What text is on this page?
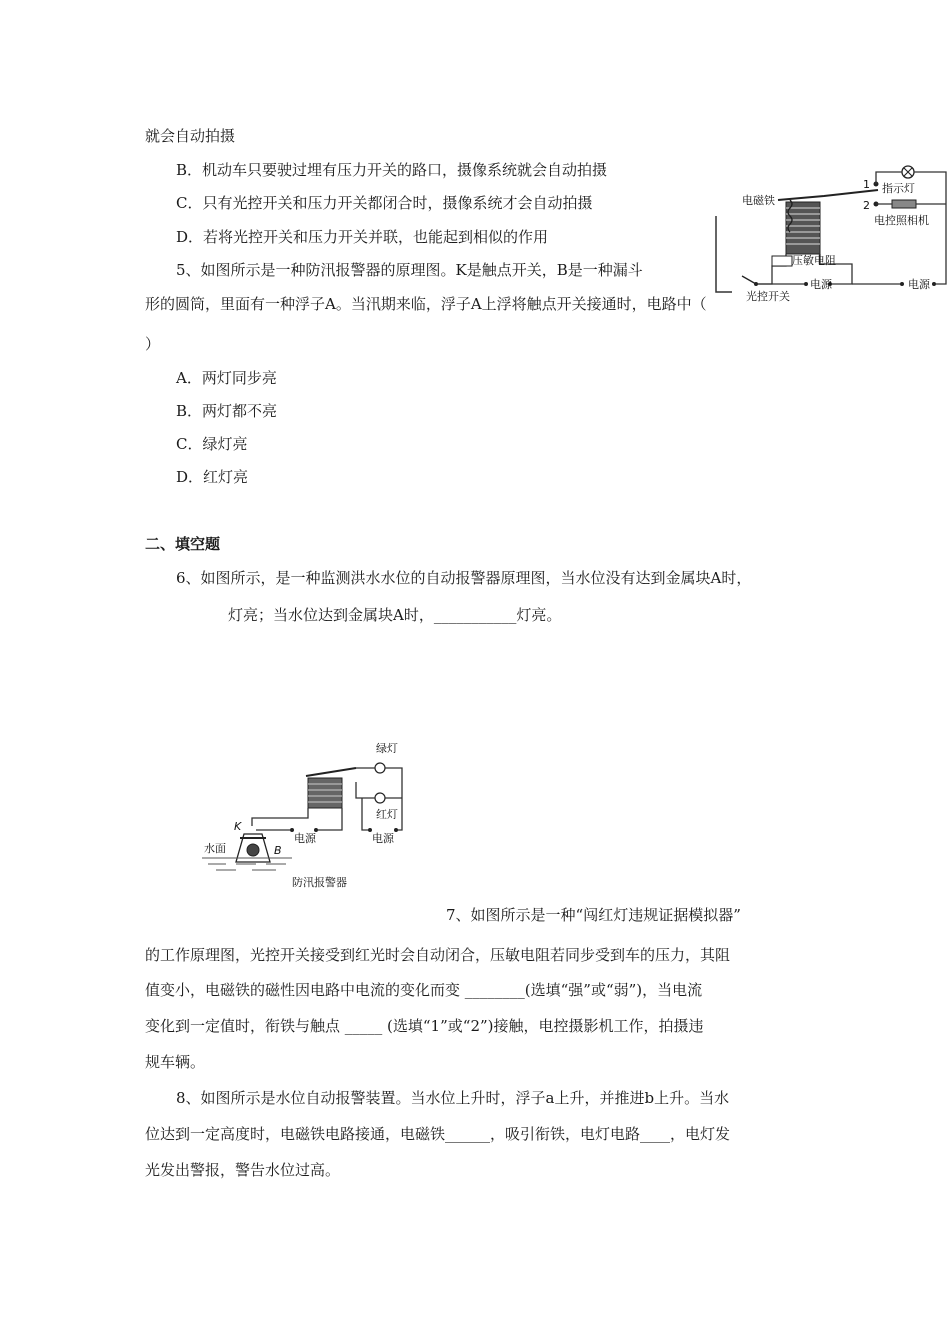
就会自动拍摄
B．机动车只要驶过埋有压力开关的路口，摄像系统就会自动拍摄
C．只有光控开关和压力开关都闭合时，摄像系统才会自动拍摄
D．若将光控开关和压力开关并联，也能起到相似的作用
5、如图所示是一种防汛报警器的原理图。K是触点开关，B是一种漏斗
形的圆筒，里面有一种浮子A。当汛期来临，浮子A上浮将触点开关接通时，电路中（
）
A．两灯同步亮
B．两灯都不亮
C．绿灯亮
D．红灯亮
二、填空题
6、如图所示，是一种监测洪水水位的自动报警器原理图，当水位没有达到金属块A时，
灯亮；当水位达到金属块A时，___________灯亮。
7、如图所示是一种“闯红灯违规证据模拟器”
的工作原理图，光控开关接受到红光时会自动闭合，压敏电阻若同步受到车的压力，其阻
值变小，电磁铁的磁性因电路中电流的变化而变 ________(选填“强”或“弱”)，当电流
变化到一定值时，衔铁与触点 _____ (选填“1”或“2”)接触，电控摄影机工作，拍摄违
规车辆。
8、如图所示是水位自动报警装置。当水位上升时，浮子a上升，并推进b上升。当水
位达到一定高度时，电磁铁电路接通，电磁铁______，吸引衔铁，电灯电路____，电灯发
光发出警报，警告水位过高。
1
2
指示灯
电控照相机
电磁铁
压敏电阻
光控开关
电源	电源
绿灯
红灯
电源
电源
K
B
水面
防汛报警器
